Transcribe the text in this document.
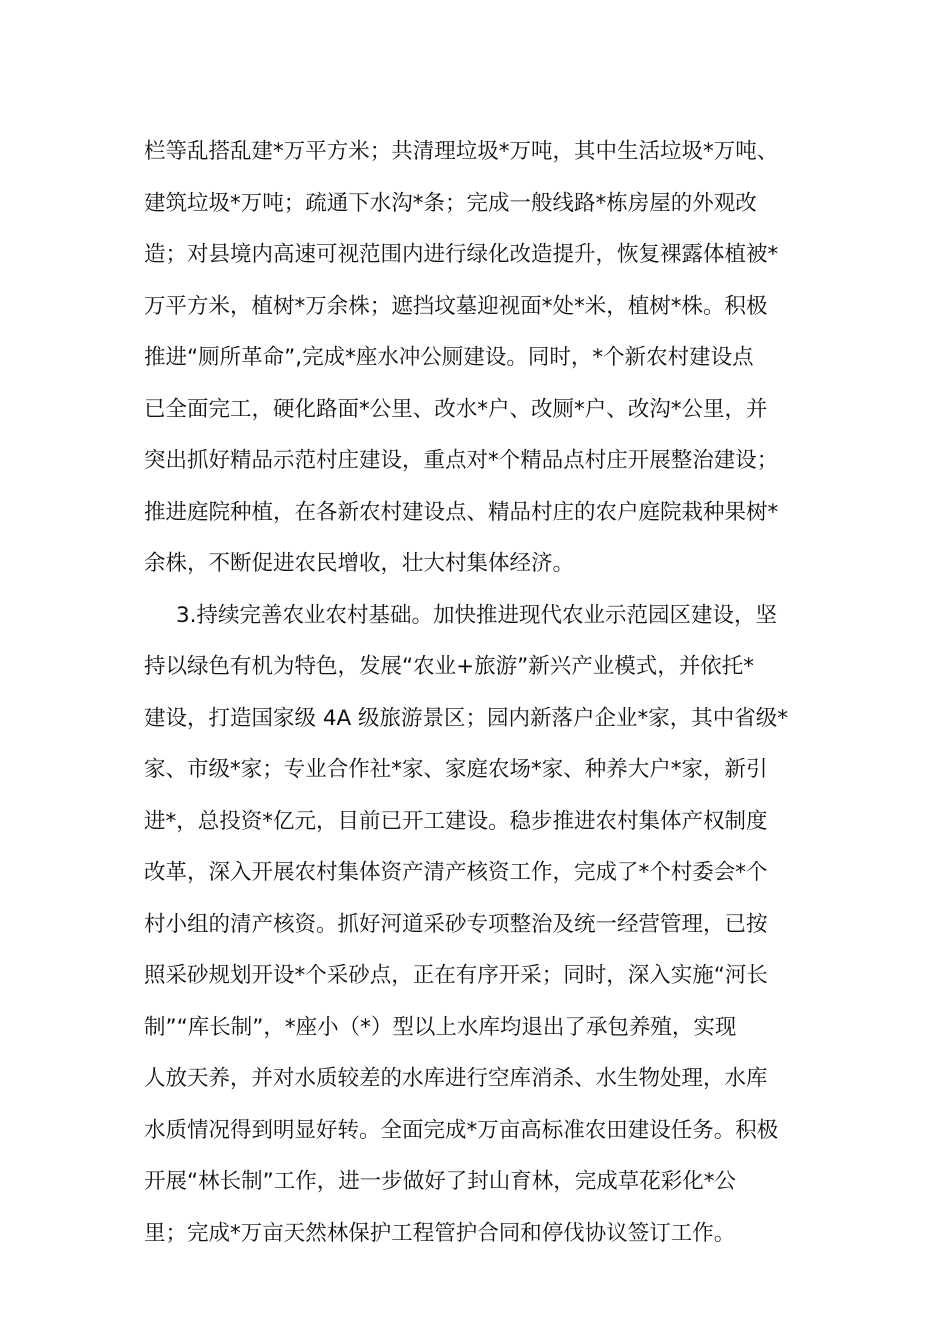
栏等乱搭乱建*万平方米；共清理垃圾*万吨，其中生活垃圾*万吨、
建筑垃圾*万吨；疏通下水沟*条；完成一般线路*栋房屋的外观改
造；对县境内高速可视范围内进行绿化改造提升，恢复裸露体植被*
万平方米，植树*万余株；遮挡坟墓迎视面*处*米，植树*株。积极
推进“厕所革命”,完成*座水冲公厕建设。同时，*个新农村建设点
已全面完工，硬化路面*公里、改水*户、改厕*户、改沟*公里，并
突出抓好精品示范村庄建设，重点对*个精品点村庄开展整治建设；
推进庭院种植，在各新农村建设点、精品村庄的农户庭院栽种果树*
余株，不断促进农民增收，壮大村集体经济。
3.持续完善农业农村基础。加快推进现代农业示范园区建设，坚
持以绿色有机为特色，发展“农业+旅游”新兴产业模式，并依托*
建设，打造国家级 4A 级旅游景区；园内新落户企业*家，其中省级*
家、市级*家；专业合作社*家、家庭农场*家、种养大户*家，新引
进*，总投资*亿元，目前已开工建设。稳步推进农村集体产权制度
改革，深入开展农村集体资产清产核资工作，完成了*个村委会*个
村小组的清产核资。抓好河道采砂专项整治及统一经营管理，已按
照采砂规划开设*个采砂点，正在有序开采；同时，深入实施“河长
制”“库长制”，*座小（*）型以上水库均退出了承包养殖，实现
人放天养，并对水质较差的水库进行空库消杀、水生物处理，水库
水质情况得到明显好转。全面完成*万亩高标准农田建设任务。积极
开展“林长制”工作，进一步做好了封山育林，完成草花彩化*公
里；完成*万亩天然林保护工程管护合同和停伐协议签订工作。
